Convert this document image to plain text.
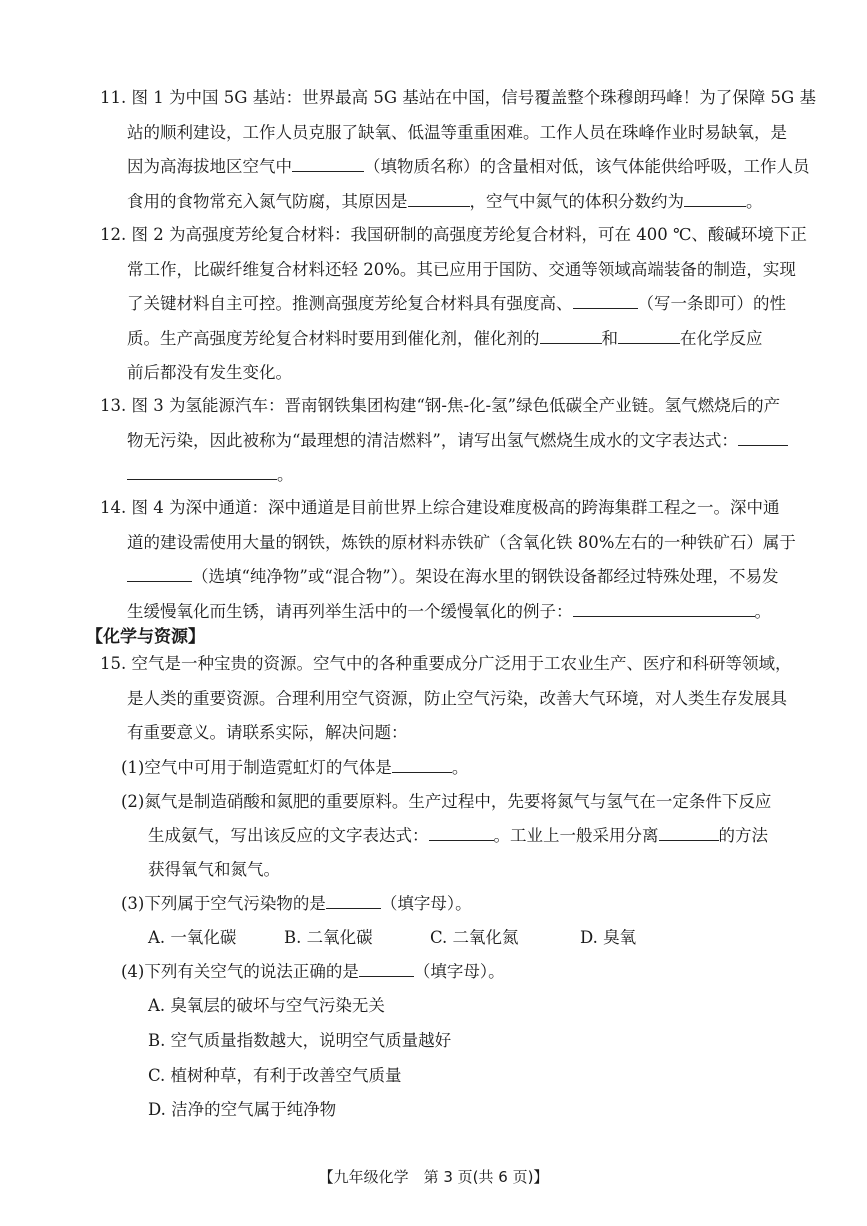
11. 图 1 为中国 5G 基站：世界最高 5G 基站在中国，信号覆盖整个珠穆朗玛峰！为了保障 5G 基

站的顺利建设，工作人员克服了缺氧、低温等重重困难。工作人员在珠峰作业时易缺氧，是

因为高海拔地区空气中	（填物质名称）的含量相对低，该气体能供给呼吸，工作人员

食用的食物常充入氮气防腐，其原因是	，空气中氮气的体积分数约为	。

12. 图 2 为高强度芳纶复合材料：我国研制的高强度芳纶复合材料，可在 400 ℃、酸碱环境下正

常工作，比碳纤维复合材料还轻 20%。其已应用于国防、交通等领域高端装备的制造，实现

了关键材料自主可控。推测高强度芳纶复合材料具有强度高、	（写一条即可）的性

质。生产高强度芳纶复合材料时要用到催化剂，催化剂的	和	在化学反应

前后都没有发生变化。

13. 图 3 为氢能源汽车：晋南钢铁集团构建“钢-焦-化-氢”绿色低碳全产业链。氢气燃烧后的产

物无污染，因此被称为“最理想的清洁燃料”，请写出氢气燃烧生成水的文字表达式：

。

14. 图 4 为深中通道：深中通道是目前世界上综合建设难度极高的跨海集群工程之一。深中通

道的建设需使用大量的钢铁，炼铁的原材料赤铁矿（含氧化铁 80%左右的一种铁矿石）属于

（选填“纯净物”或“混合物”）。架设在海水里的钢铁设备都经过特殊处理，不易发

生缓慢氧化而生锈，请再列举生活中的一个缓慢氧化的例子：	。

【化学与资源】

15. 空气是一种宝贵的资源。空气中的各种重要成分广泛用于工农业生产、医疗和科研等领域，

是人类的重要资源。合理利用空气资源，防止空气污染，改善大气环境，对人类生存发展具

有重要意义。请联系实际，解决问题：

(1)空气中可用于制造霓虹灯的气体是	。
(2)氮气是制造硝酸和氮肥的重要原料。生产过程中，先要将氮气与氢气在一定条件下反应
生成氨气，写出该反应的文字表达式：	。工业上一般采用分离	的方法
获得氧气和氮气。
(3)下列属于空气污染物的是	（填字母）。
A. 一氧化碳	B. 二氧化碳	C. 二氧化氮	D. 臭氧
(4)下列有关空气的说法正确的是	（填字母）。
A. 臭氧层的破坏与空气污染无关
B. 空气质量指数越大，说明空气质量越好
C. 植树种草，有利于改善空气质量
D. 洁净的空气属于纯净物
【九年级化学　第 3 页(共 6 页)】
